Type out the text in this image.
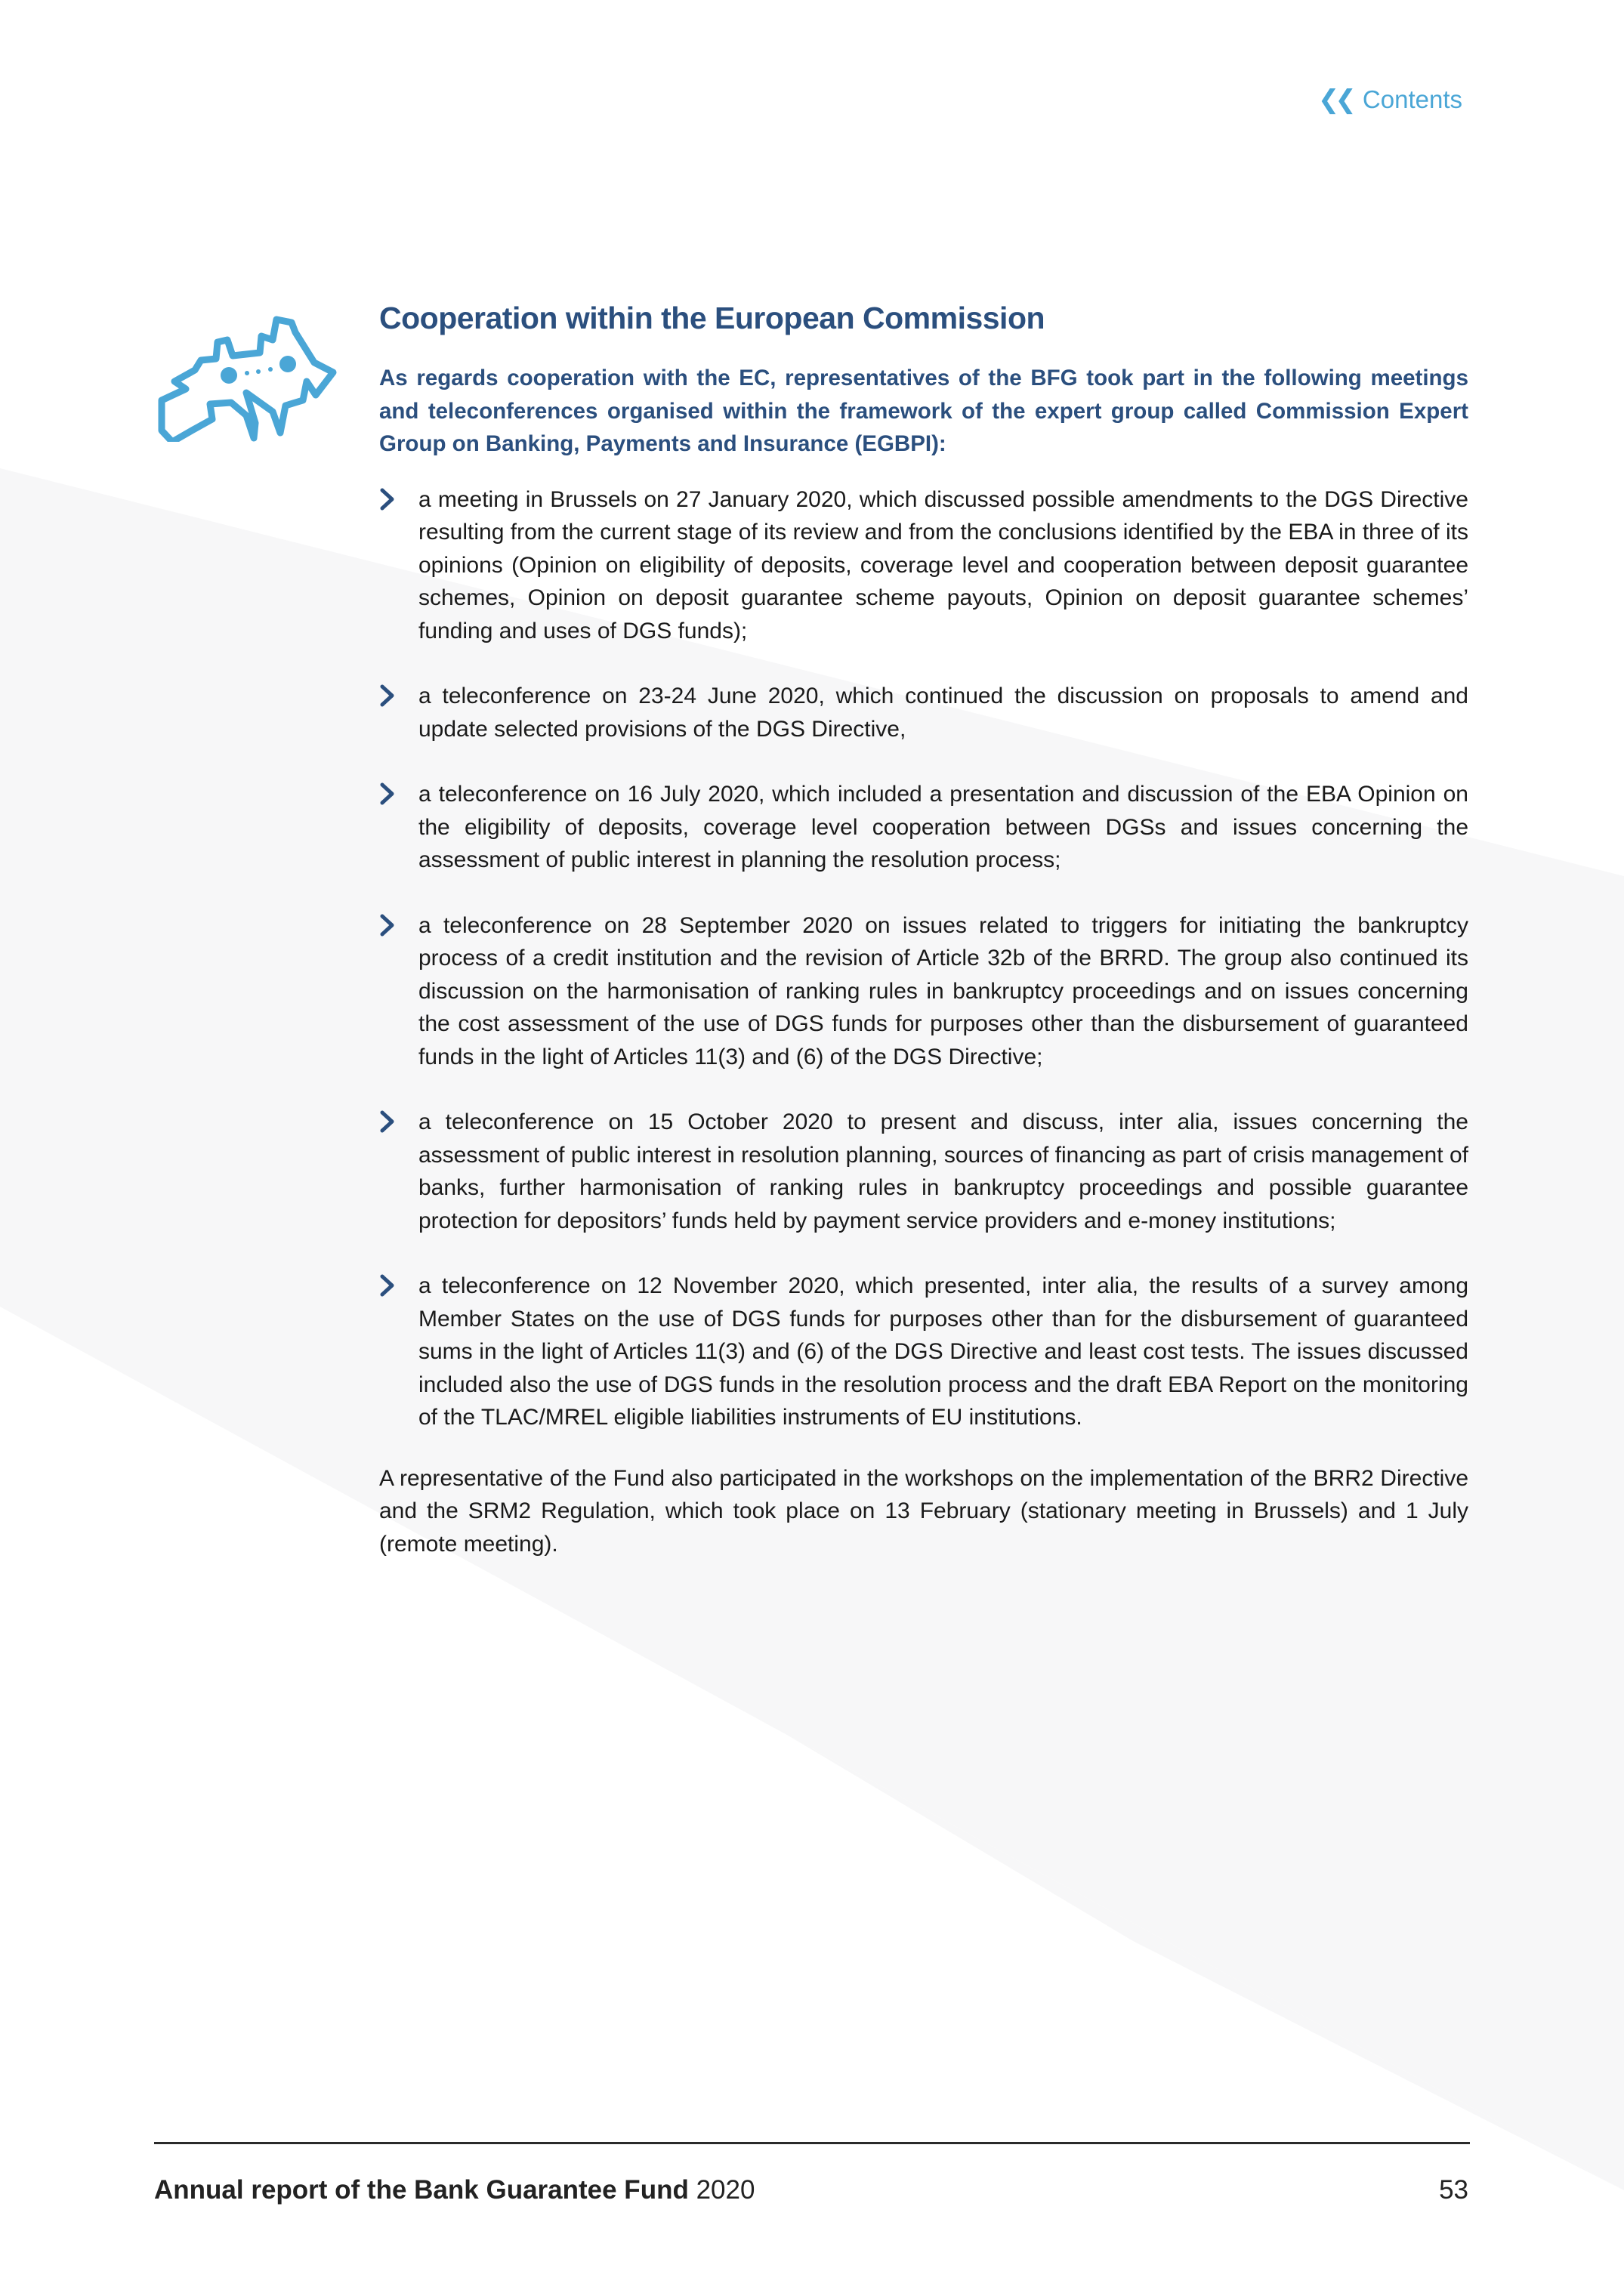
❮❮ Contents
Cooperation within the European Commission

As regards cooperation with the EC, representatives of the BFG took part in the following meetings and teleconferences organised within the framework of the expert group called Commission Expert Group on Banking, Payments and Insurance (EGBPI):

a meeting in Brussels on 27 January 2020, which discussed possible amendments to the DGS Directive resulting from the current stage of its review and from the conclusions identified by the EBA in three of its opinions (Opinion on eligibility of deposits, coverage level and cooperation between deposit guarantee schemes, Opinion on deposit guarantee scheme payouts, Opinion on deposit guarantee schemes’ funding and uses of DGS funds);
a teleconference on 23-24 June 2020, which continued the discussion on proposals to amend and update selected provisions of the DGS Directive,
a teleconference on 16 July 2020, which included a presentation and discussion of the EBA Opinion on the eligibility of deposits, coverage level cooperation between DGSs and issues concerning the assessment of public interest in planning the resolution process;
a teleconference on 28 September 2020 on issues related to triggers for initiating the bankruptcy process of a credit institution and the revision of Article 32b of the BRRD. The group also continued its discussion on the harmonisation of ranking rules in bankruptcy proceedings and on issues concerning the cost assessment of the use of DGS funds for purposes other than the disbursement of guaranteed funds in the light of Articles 11(3) and (6) of the DGS Directive;
a teleconference on 15 October 2020 to present and discuss, inter alia, issues concerning the assessment of public interest in resolution planning, sources of financing as part of crisis management of banks, further harmonisation of ranking rules in bankruptcy proceedings and possible guarantee protection for depositors’ funds held by payment service providers and e-money institutions;
a teleconference on 12 November 2020, which presented, inter alia, the results of a survey among Member States on the use of DGS funds for purposes other than for the disbursement of guaranteed sums in the light of Articles 11(3) and (6) of the DGS Directive and least cost tests. The issues discussed included also the use of DGS funds in the resolution process and the draft EBA Report on the monitoring of the TLAC/MREL eligible liabilities instruments of EU institutions.

A representative of the Fund also participated in the workshops on the implementation of the BRR2 Directive and the SRM2 Regulation, which took place on 13 February (stationary meeting in Brussels) and 1 July (remote meeting).

Annual report of the Bank Guarantee Fund 2020	53
